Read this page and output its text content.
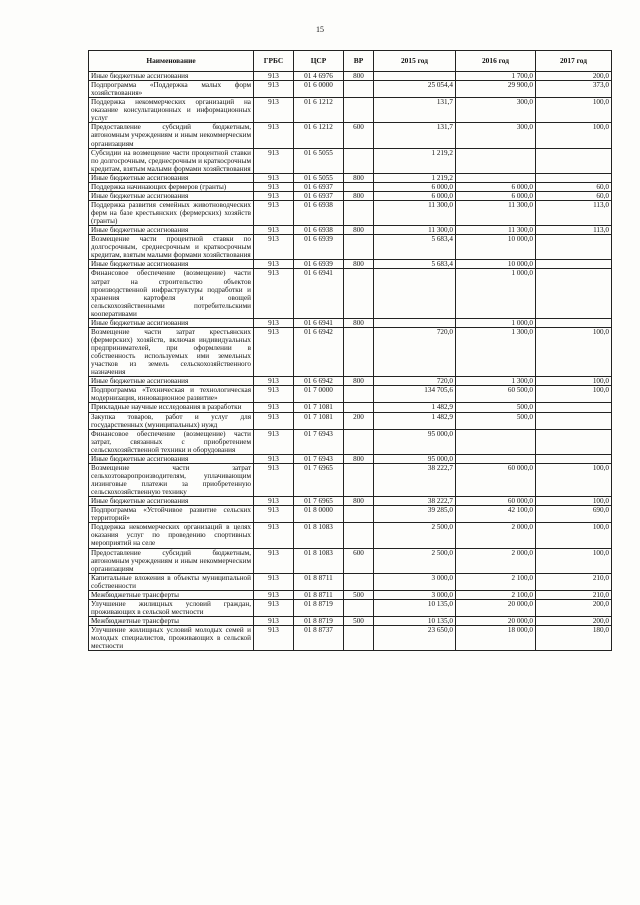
15
Наименование	ГРБС	ЦСР	ВР	2015 год	2016 год	2017 год
Иные бюджетные ассигнования	913	01 4 6976	800		1 700,0	200,0
Подпрограмма «Поддержка малых форм хозяйствования»	913	01 6 0000		25 054,4	29 900,0	373,0
Поддержка некоммерческих организаций на оказание консультационных и информационных услуг	913	01 6 1212		131,7	300,0	100,0
Предоставление субсидий бюджетным, автономным учреждениям и иным некоммерческим организациям	913	01 6 1212	600	131,7	300,0	100,0
Субсидии на возмещение части процентной ставки по долгосрочным, среднесрочным и краткосрочным кредитам, взятым малыми формами хозяйствования	913	01 6 5055		1 219,2		
Иные бюджетные ассигнования	913	01 6 5055	800	1 219,2		
Поддержка начинающих фермеров (гранты)	913	01 6 6937		6 000,0	6 000,0	60,0
Иные бюджетные ассигнования	913	01 6 6937	800	6 000,0	6 000,0	60,0
Поддержка развития семейных животноводческих ферм на базе крестьянских (фермерских) хозяйств (гранты)	913	01 6 6938		11 300,0	11 300,0	113,0
Иные бюджетные ассигнования	913	01 6 6938	800	11 300,0	11 300,0	113,0
Возмещение части процентной ставки по долгосрочным, среднесрочным и краткосрочным кредитам, взятым малыми формами хозяйствования	913	01 6 6939		5 683,4	10 000,0	
Иные бюджетные ассигнования	913	01 6 6939	800	5 683,4	10 000,0	
Финансовое обеспечение (возмещение) части затрат на строительство объектов производственной инфраструктуры подработки и хранения картофеля и овощей сельскохозяйственными потребительскими кооперативами	913	01 6 6941			1 000,0	
Иные бюджетные ассигнования	913	01 6 6941	800		1 000,0	
Возмещение части затрат крестьянских (фермерских) хозяйств, включая индивидуальных предпринимателей, при оформлении в собственность используемых ими земельных участков из земель сельскохозяйственного назначения	913	01 6 6942		720,0	1 300,0	100,0
Иные бюджетные ассигнования	913	01 6 6942	800	720,0	1 300,0	100,0
Подпрограмма «Техническая и технологическая модернизация, инновационное развитие»	913	01 7 0000		134 705,6	60 500,0	100,0
Прикладные научные исследования в разработки	913	01 7 1081		1 482,9	500,0	
Закупка товаров, работ и услуг для государственных (муниципальных) нужд	913	01 7 1081	200	1 482,9	500,0	
Финансовое обеспечение (возмещение) части затрат, связанных с приобретением сельскохозяйственной техники и оборудования	913	01 7 6943		95 000,0		
Иные бюджетные ассигнования	913	01 7 6943	800	95 000,0		
Возмещение части затрат сельхозтоваропроизводителям, уплачивающим лизинговые платежи за приобретенную сельскохозяйственную технику	913	01 7 6965		38 222,7	60 000,0	100,0
Иные бюджетные ассигнования	913	01 7 6965	800	38 222,7	60 000,0	100,0
Подпрограмма «Устойчивое развитие сельских территорий»	913	01 8 0000		39 285,0	42 100,0	690,0
Поддержка некоммерческих организаций в целях оказания услуг по проведению спортивных мероприятий на селе	913	01 8 1083		2 500,0	2 000,0	100,0
Предоставление субсидий бюджетным, автономным учреждениям и иным некоммерческим организациям	913	01 8 1083	600	2 500,0	2 000,0	100,0
Капитальные вложения в объекты муниципальной собственности	913	01 8 8711		3 000,0	2 100,0	210,0
Межбюджетные трансферты	913	01 8 8711	500	3 000,0	2 100,0	210,0
Улучшение жилищных условий граждан, проживающих в сельской местности	913	01 8 8719		10 135,0	20 000,0	200,0
Межбюджетные трансферты	913	01 8 8719	500	10 135,0	20 000,0	200,0
Улучшение жилищных условий молодых семей и молодых специалистов, проживающих в сельской местности	913	01 8 8737		23 650,0	18 000,0	180,0
